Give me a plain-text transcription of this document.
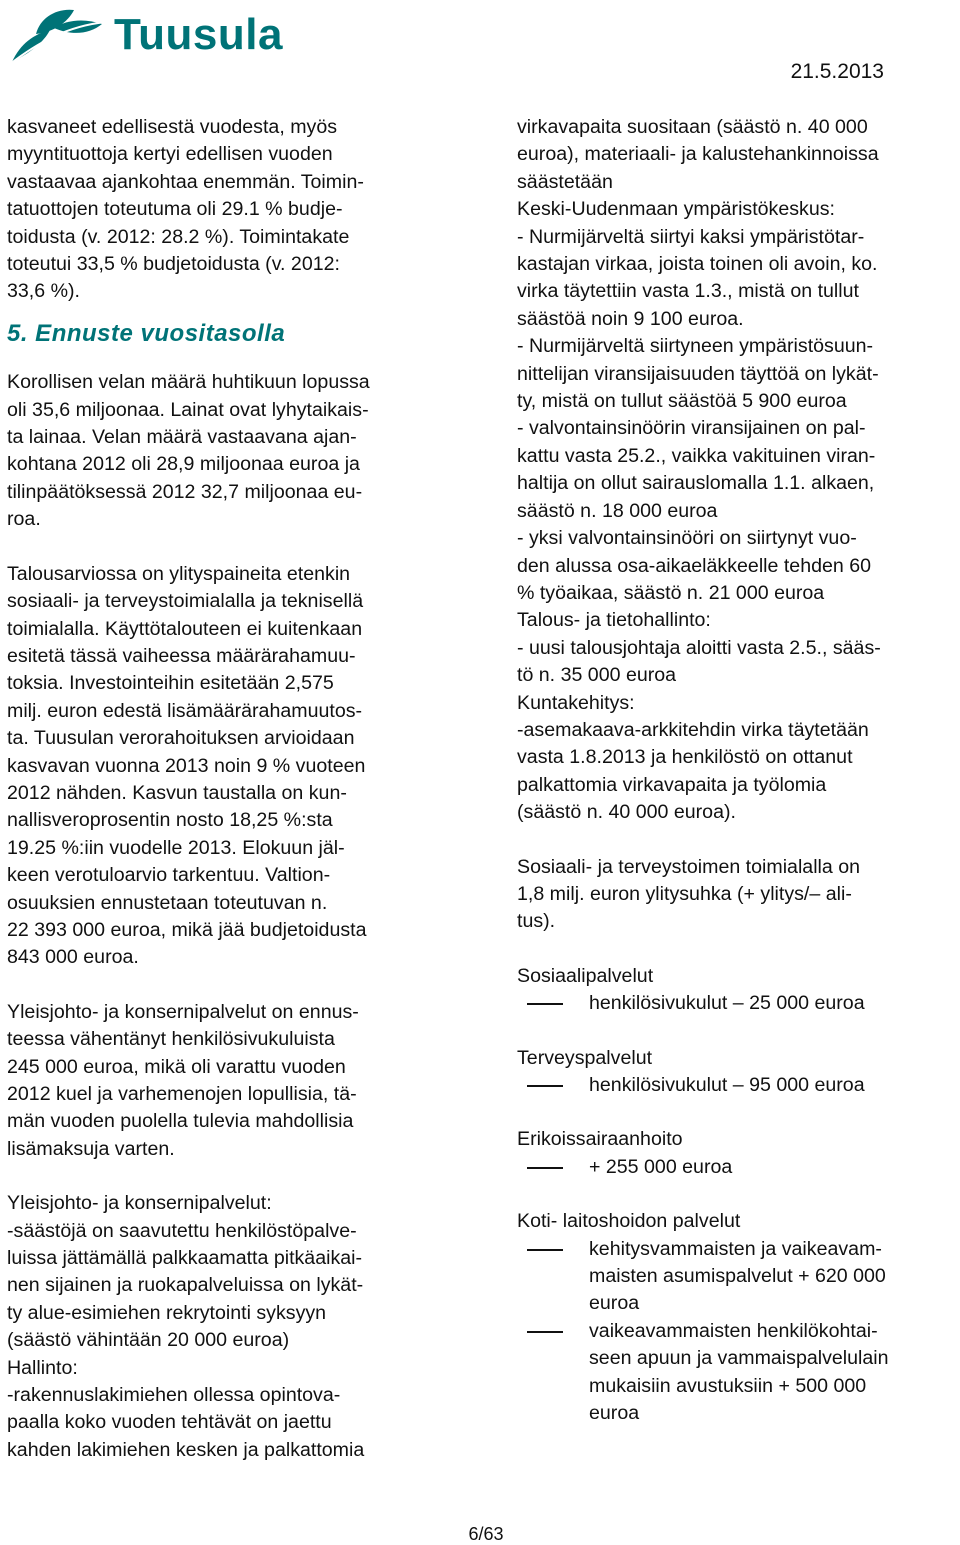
Tuusula
21.5.2013

kasvaneet edellisestä vuodesta, myös

myyntituottoja kertyi edellisen vuoden

vastaavaa ajankohtaa enemmän. Toimin-

tatuottojen toteutuma oli 29.1 % budje-

toidusta (v. 2012: 28.2 %). Toimintakate

toteutui 33,5 % budjetoidusta (v. 2012:

33,6 %).

5. Ennuste vuositasolla

Korollisen velan määrä huhtikuun lopussa

oli 35,6 miljoonaa. Lainat ovat lyhytaikais-

ta lainaa. Velan määrä vastaavana ajan-

kohtana 2012 oli 28,9 miljoonaa euroa ja

tilinpäätöksessä 2012 32,7 miljoonaa eu-

roa.

Talousarviossa on ylityspaineita etenkin

sosiaali- ja terveystoimialalla ja teknisellä

toimialalla. Käyttötalouteen ei kuitenkaan

esitetä tässä vaiheessa määrärahamuu-

toksia. Investointeihin esitetään 2,575

milj. euron edestä lisämäärärahamuutos-

ta. Tuusulan verorahoituksen arvioidaan

kasvavan vuonna 2013 noin 9 % vuoteen

2012 nähden. Kasvun taustalla on kun-

nallisveroprosentin nosto 18,25 %:sta

19.25 %:iin vuodelle 2013. Elokuun jäl-

keen verotuloarvio tarkentuu. Valtion-

osuuksien ennustetaan toteutuvan n.

22 393 000 euroa, mikä jää budjetoidusta

843 000 euroa.

Yleisjohto- ja konsernipalvelut on ennus-

teessa vähentänyt henkilösivukuluista

245 000 euroa, mikä oli varattu vuoden

2012 kuel ja varhemenojen lopullisia, tä-

män vuoden puolella tulevia mahdollisia

lisämaksuja varten.

Yleisjohto- ja konsernipalvelut:

-säästöjä on saavutettu henkilöstöpalve-

luissa jättämällä palkkaamatta pitkäaikai-

nen sijainen ja ruokapalveluissa on lykät-

ty alue-esimiehen rekrytointi syksyyn

(säästö vähintään 20 000 euroa)

Hallinto:

-rakennuslakimiehen ollessa opintova-

paalla koko vuoden tehtävät on jaettu

kahden lakimiehen kesken ja palkattomia

virkavapaita suositaan (säästö n. 40 000

euroa), materiaali- ja kalustehankinnoissa

säästetään

Keski-Uudenmaan ympäristökeskus:

- Nurmijärveltä siirtyi kaksi ympäristötar-

kastajan virkaa, joista toinen oli avoin, ko.

virka täytettiin vasta 1.3., mistä on tullut

säästöä noin 9 100 euroa.

- Nurmijärveltä siirtyneen ympäristösuun-

nittelijan viransijaisuuden täyttöä on lykät-

ty, mistä on tullut säästöä 5 900 euroa

- valvontainsinöörin viransijainen on pal-

kattu vasta 25.2., vaikka vakituinen viran-

haltija on ollut sairauslomalla 1.1. alkaen,

säästö n. 18 000 euroa

- yksi valvontainsinööri on siirtynyt vuo-

den alussa osa-aikaeläkkeelle tehden 60

% työaikaa, säästö n. 21 000 euroa

Talous- ja tietohallinto:

- uusi talousjohtaja aloitti vasta 2.5., sääs-

tö n. 35 000 euroa

Kuntakehitys:

-asemakaava-arkkitehdin virka täytetään

vasta 1.8.2013 ja henkilöstö on ottanut

palkattomia virkavapaita ja työlomia

(säästö n. 40 000 euroa).

Sosiaali- ja terveystoimen toimialalla on

1,8 milj. euron ylitysuhka (+ ylitys/– ali-

tus).

Sosiaalipalvelut

henkilösivukulut – 25 000 euroa

Terveyspalvelut

henkilösivukulut – 95 000 euroa

Erikoissairaanhoito

+ 255 000 euroa

Koti- laitoshoidon palvelut

kehitysvammaisten ja vaikeavam-

maisten asumispalvelut + 620 000

euroa

vaikeavammaisten henkilökohtai-

seen apuun ja vammaispalvelulain

mukaisiin avustuksiin + 500 000

euroa

6/63
